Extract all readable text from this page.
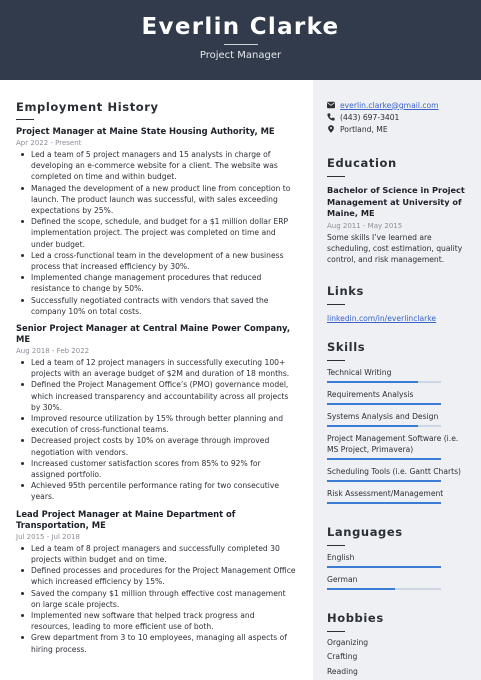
Everlin Clarke
Project Manager
Employment History
Project Manager at Maine State Housing Authority, ME
Apr 2022 - Present
Led a team of 5 project managers and 15 analysts in charge of developing an e-commerce website for a client. The website was completed on time and within budget.
Managed the development of a new product line from conception to launch. The product launch was successful, with sales exceeding expectations by 25%.
Defined the scope, schedule, and budget for a $1 million dollar ERP implementation project. The project was completed on time and under budget.
Led a cross-functional team in the development of a new business process that increased efficiency by 30%.
Implemented change management procedures that reduced resistance to change by 50%.
Successfully negotiated contracts with vendors that saved the company 10% on total costs.
Senior Project Manager at Central Maine Power Company, ME
Aug 2018 - Feb 2022
Led a team of 12 project managers in successfully executing 100+ projects with an average budget of $2M and duration of 18 months.
Defined the Project Management Office’s (PMO) governance model, which increased transparency and accountability across all projects by 30%.
Improved resource utilization by 15% through better planning and execution of cross-functional teams.
Decreased project costs by 10% on average through improved negotiation with vendors.
Increased customer satisfaction scores from 85% to 92% for assigned portfolio.
Achieved 95th percentile performance rating for two consecutive years.
Lead Project Manager at Maine Department of Transportation, ME
Jul 2015 - Jul 2018
Led a team of 8 project managers and successfully completed 30 projects within budget and on time.
Defined processes and procedures for the Project Management Office which increased efficiency by 15%.
Saved the company $1 million through effective cost management on large scale projects.
Implemented new software that helped track progress and resources, leading to more efficient use of both.
Grew department from 3 to 10 employees, managing all aspects of hiring process.
everlin.clarke@gmail.com
(443) 697-3401
Portland, ME
Education
Bachelor of Science in Project Management at University of Maine, ME
Aug 2011 - May 2015
Some skills I’ve learned are scheduling, cost estimation, quality control, and risk management.
Links
linkedin.com/in/everlinclarke
Skills
Technical Writing
Requirements Analysis
Systems Analysis and Design
Project Management Software (i.e. MS Project, Primavera)
Scheduling Tools (i.e. Gantt Charts)
Risk Assessment/Management
Languages
English
German
Hobbies
Organizing
Crafting
Reading
